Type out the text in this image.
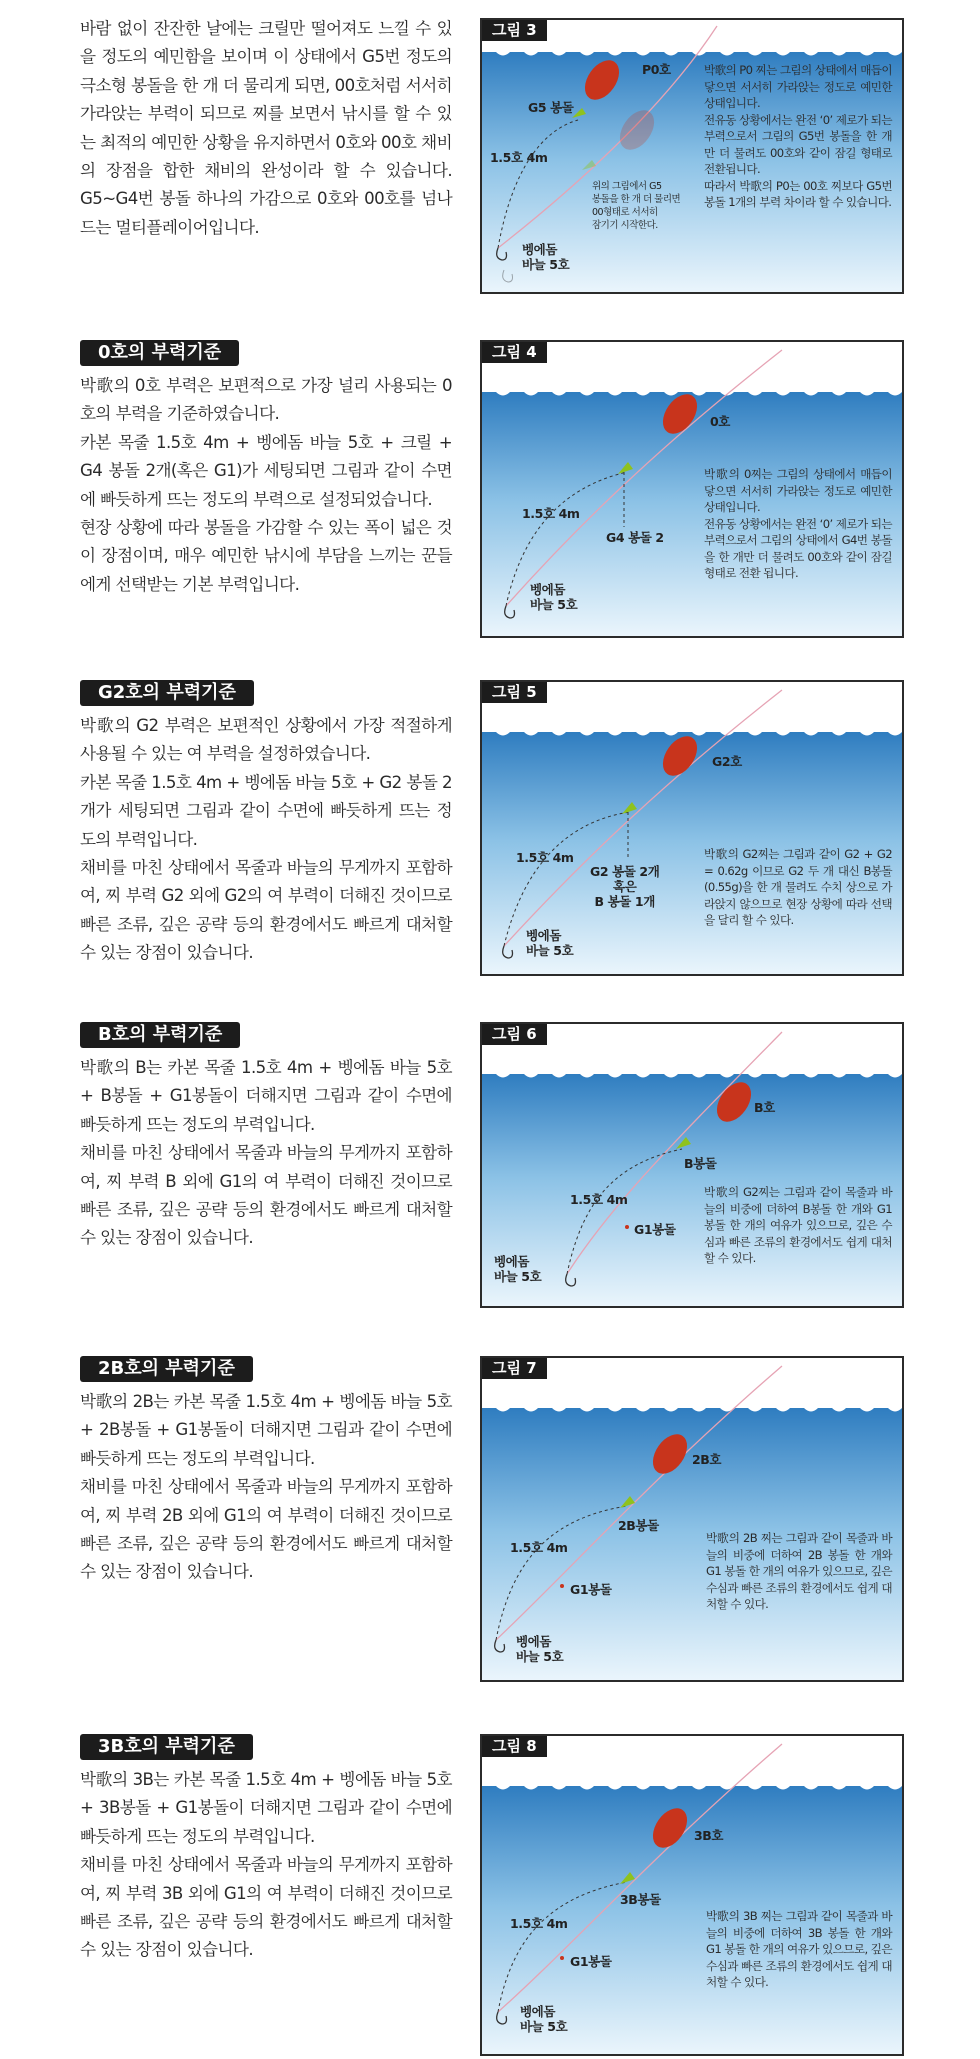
바람 없이 잔잔한 날에는 크릴만 떨어져도 느낄 수 있을 정도의 예민함을 보이며 이 상태에서 G5번 정도의 극소형 봉돌을 한 개 더 물리게 되면, 00호처럼 서서히 가라앉는 부력이 되므로 찌를 보면서 낚시를 할 수 있는 최적의 예민한 상황을 유지하면서 0호와 00호 채비의 장점을 합한 채비의 완성이라 할 수 있습니다. G5~G4번 봉돌 하나의 가감으로 0호와 00호를 넘나드는 멀티플레이어입니다.

그림 3
P0호
G5 봉돌
1.5호 4m
벵에돔
바늘 5호
위의 그림에서 G5
봉돌을 한 개 더 물리면
00형태로 서서히
잠기기 시작한다.
박歌의 P0 찌는 그림의 상태에서 매듭이 닿으면 서서히 가라앉는 정도로 예민한 상태입니다.
전유동 상황에서는 완전 ‘0’ 제로가 되는 부력으로서 그림의 G5번 봉돌을 한 개만 더 물려도 00호와 같이 잠길 형태로 전환됩니다.
따라서 박歌의 P0는 00호 찌보다 G5번 봉돌 1개의 부력 차이라 할 수 있습니다.
0호의 부력기준

박歌의 0호 부력은 보편적으로 가장 널리 사용되는 0호의 부력을 기준하였습니다.
카본 목줄 1.5호 4m + 벵에돔 바늘 5호 + 크릴 + G4 봉돌 2개(혹은 G1)가 세팅되면 그림과 같이 수면에 빠듯하게 뜨는 정도의 부력으로 설정되었습니다.
현장 상황에 따라 봉돌을 가감할 수 있는 폭이 넓은 것이 장점이며, 매우 예민한 낚시에 부담을 느끼는 꾼들에게 선택받는 기본 부력입니다.

그림 4
0호
G4 봉돌 2
1.5호 4m
벵에돔
바늘 5호
박歌의 0찌는 그림의 상태에서 매듭이 닿으면 서서히 가라앉는 정도로 예민한 상태입니다.
전유동 상황에서는 완전 ‘0’ 제로가 되는 부력으로서 그림의 상태에서 G4번 봉돌을 한 개만 더 물려도 00호와 같이 잠길 형태로 전환 됩니다.
G2호의 부력기준

박歌의 G2 부력은 보편적인 상황에서 가장 적절하게 사용될 수 있는 여 부력을 설정하였습니다.
카본 목줄 1.5호 4m + 벵에돔 바늘 5호 + G2 봉돌 2개가 세팅되면 그림과 같이 수면에 빠듯하게 뜨는 정도의 부력입니다.
채비를 마친 상태에서 목줄과 바늘의 무게까지 포함하여, 찌 부력 G2 외에 G2의 여 부력이 더해진 것이므로 빠른 조류, 깊은 공략 등의 환경에서도 빠르게 대처할 수 있는 장점이 있습니다.

그림 5
G2호
G2 봉돌 2개
혹은
B 봉돌 1개
1.5호 4m
벵에돔
바늘 5호
박歌의 G2찌는 그림과 같이 G2 + G2 = 0.62g 이므로 G2 두 개 대신 B봉돌(0.55g)을 한 개 물려도 수치 상으로 가라앉지 않으므로 현장 상황에 따라 선택을 달리 할 수 있다.
B호의 부력기준

박歌의 B는 카본 목줄 1.5호 4m + 벵에돔 바늘 5호 + B봉돌 + G1봉돌이 더해지면 그림과 같이 수면에 빠듯하게 뜨는 정도의 부력입니다.
채비를 마친 상태에서 목줄과 바늘의 무게까지 포함하여, 찌 부력 B 외에 G1의 여 부력이 더해진 것이므로 빠른 조류, 깊은 공략 등의 환경에서도 빠르게 대처할 수 있는 장점이 있습니다.

그림 6
B호
B봉돌
G1봉돌
1.5호 4m
벵에돔
바늘 5호
박歌의 G2찌는 그림과 같이 목줄과 바늘의 비중에 더하여 B봉돌 한 개와 G1봉돌 한 개의 여유가 있으므로, 깊은 수심과 빠른 조류의 환경에서도 쉽게 대처할 수 있다.
2B호의 부력기준

박歌의 2B는 카본 목줄 1.5호 4m + 벵에돔 바늘 5호 + 2B봉돌 + G1봉돌이 더해지면 그림과 같이 수면에 빠듯하게 뜨는 정도의 부력입니다.
채비를 마친 상태에서 목줄과 바늘의 무게까지 포함하여, 찌 부력 2B 외에 G1의 여 부력이 더해진 것이므로 빠른 조류, 깊은 공략 등의 환경에서도 빠르게 대처할 수 있는 장점이 있습니다.

그림 7
2B호
2B봉돌
G1봉돌
1.5호 4m
벵에돔
바늘 5호
박歌의 2B 찌는 그림과 같이 목줄과 바늘의 비중에 더하여 2B 봉돌 한 개와 G1 봉돌 한 개의 여유가 있으므로, 깊은 수심과 빠른 조류의 환경에서도 쉽게 대처할 수 있다.
3B호의 부력기준

박歌의 3B는 카본 목줄 1.5호 4m + 벵에돔 바늘 5호 + 3B봉돌 + G1봉돌이 더해지면 그림과 같이 수면에 빠듯하게 뜨는 정도의 부력입니다.
채비를 마친 상태에서 목줄과 바늘의 무게까지 포함하여, 찌 부력 3B 외에 G1의 여 부력이 더해진 것이므로 빠른 조류, 깊은 공략 등의 환경에서도 빠르게 대처할 수 있는 장점이 있습니다.

그림 8
3B호
3B봉돌
G1봉돌
1.5호 4m
벵에돔
바늘 5호
박歌의 3B 찌는 그림과 같이 목줄과 바늘의 비중에 더하여 3B 봉돌 한 개와 G1 봉돌 한 개의 여유가 있으므로, 깊은 수심과 빠른 조류의 환경에서도 쉽게 대처할 수 있다.
